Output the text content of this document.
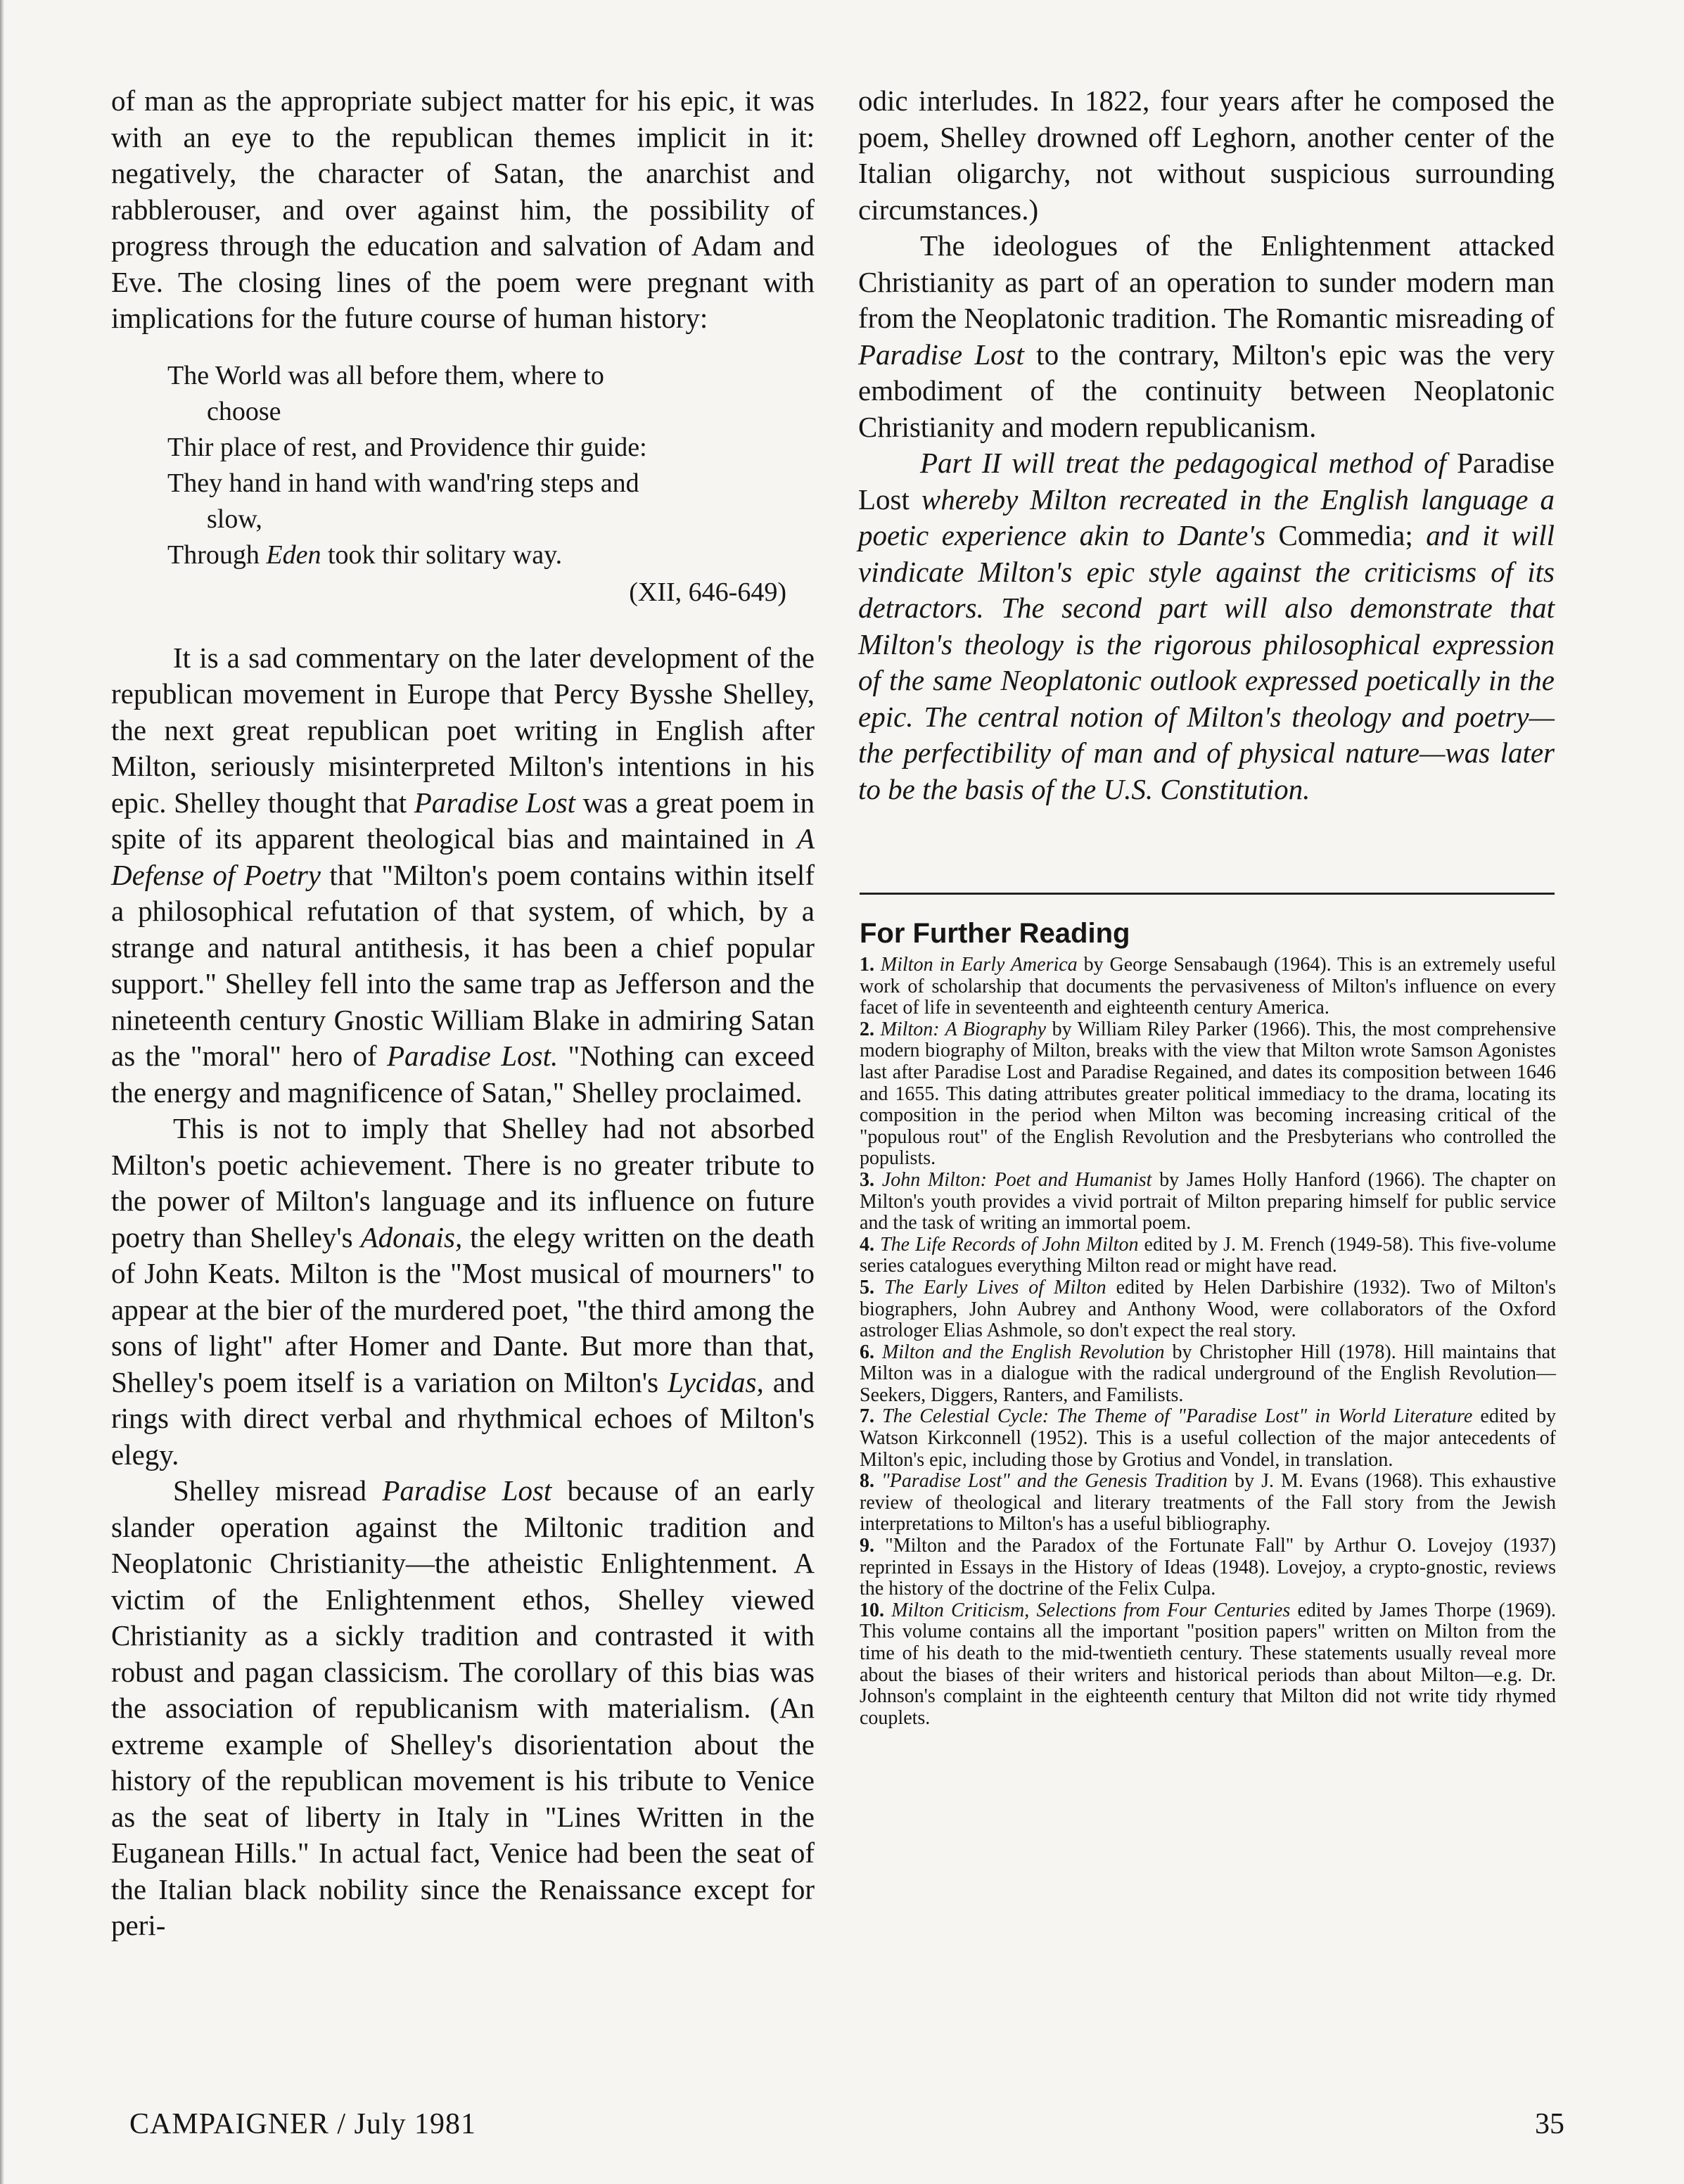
of man as the appropriate subject matter for his epic, it was with an eye to the republican themes implicit in it: negatively, the character of Satan, the anarchist and rabblerouser, and over against him, the possibility of progress through the education and salvation of Adam and Eve. The closing lines of the poem were pregnant with implications for the future course of human history:

The World was all before them, where to
choose
Thir place of rest, and Providence thir guide:
They hand in hand with wand'ring steps and
slow,
Through Eden took thir solitary way.
(XII, 646-649)

It is a sad commentary on the later development of the republican movement in Europe that Percy Bysshe Shelley, the next great republican poet writing in English after Milton, seriously misinterpreted Milton's intentions in his epic. Shelley thought that Paradise Lost was a great poem in spite of its apparent theological bias and maintained in A Defense of Poetry that "Milton's poem contains within itself a philosophical refutation of that system, of which, by a strange and natural antithesis, it has been a chief popular support." Shelley fell into the same trap as Jefferson and the nineteenth century Gnostic William Blake in admiring Satan as the "moral" hero of Paradise Lost. "Nothing can exceed the energy and magnificence of Satan," Shelley proclaimed.

This is not to imply that Shelley had not absorbed Milton's poetic achievement. There is no greater tribute to the power of Milton's language and its influence on future poetry than Shelley's Adonais, the elegy written on the death of John Keats. Milton is the "Most musical of mourners" to appear at the bier of the murdered poet, "the third among the sons of light" after Homer and Dante. But more than that, Shelley's poem itself is a variation on Milton's Lycidas, and rings with direct verbal and rhythmical echoes of Milton's elegy.

Shelley misread Paradise Lost because of an early slander operation against the Miltonic tradition and Neoplatonic Christianity—the atheistic Enlightenment. A victim of the Enlightenment ethos, Shelley viewed Christianity as a sickly tradition and contrasted it with robust and pagan classicism. The corollary of this bias was the association of republicanism with materialism. (An extreme example of Shelley's disorientation about the history of the republican movement is his tribute to Venice as the seat of liberty in Italy in "Lines Written in the Euganean Hills." In actual fact, Venice had been the seat of the Italian black nobility since the Renaissance except for peri-

odic interludes. In 1822, four years after he composed the poem, Shelley drowned off Leghorn, another center of the Italian oligarchy, not without suspicious surrounding circumstances.)

The ideologues of the Enlightenment attacked Christianity as part of an operation to sunder modern man from the Neoplatonic tradition. The Romantic misreading of Paradise Lost to the contrary, Milton's epic was the very embodiment of the continuity between Neoplatonic Christianity and modern republicanism.

Part II will treat the pedagogical method of Paradise Lost whereby Milton recreated in the English language a poetic experience akin to Dante's Commedia; and it will vindicate Milton's epic style against the criticisms of its detractors. The second part will also demonstrate that Milton's theology is the rigorous philosophical expression of the same Neoplatonic outlook expressed poetically in the epic. The central notion of Milton's theology and poetry—the perfectibility of man and of physical nature—was later to be the basis of the U.S. Constitution.

For Further Reading
1. Milton in Early America by George Sensabaugh (1964). This is an extremely useful work of scholarship that documents the pervasiveness of Milton's influence on every facet of life in seventeenth and eighteenth century America.
2. Milton: A Biography by William Riley Parker (1966). This, the most comprehensive modern biography of Milton, breaks with the view that Milton wrote Samson Agonistes last after Paradise Lost and Paradise Regained, and dates its composition between 1646 and 1655. This dating attributes greater political immediacy to the drama, locating its composition in the period when Milton was becoming increasing critical of the "populous rout" of the English Revolution and the Presbyterians who controlled the populists.
3. John Milton: Poet and Humanist by James Holly Hanford (1966). The chapter on Milton's youth provides a vivid portrait of Milton preparing himself for public service and the task of writing an immortal poem.
4. The Life Records of John Milton edited by J. M. French (1949-58). This five-volume series catalogues everything Milton read or might have read.
5. The Early Lives of Milton edited by Helen Darbishire (1932). Two of Milton's biographers, John Aubrey and Anthony Wood, were collaborators of the Oxford astrologer Elias Ashmole, so don't expect the real story.
6. Milton and the English Revolution by Christopher Hill (1978). Hill maintains that Milton was in a dialogue with the radical underground of the English Revolution—Seekers, Diggers, Ranters, and Familists.
7. The Celestial Cycle: The Theme of "Paradise Lost" in World Literature edited by Watson Kirkconnell (1952). This is a useful collection of the major antecedents of Milton's epic, including those by Grotius and Vondel, in translation.
8. "Paradise Lost" and the Genesis Tradition by J. M. Evans (1968). This exhaustive review of theological and literary treatments of the Fall story from the Jewish interpretations to Milton's has a useful bibliography.
9. "Milton and the Paradox of the Fortunate Fall" by Arthur O. Lovejoy (1937) reprinted in Essays in the History of Ideas (1948). Lovejoy, a crypto-gnostic, reviews the history of the doctrine of the Felix Culpa.
10. Milton Criticism, Selections from Four Centuries edited by James Thorpe (1969). This volume contains all the important "position papers" written on Milton from the time of his death to the mid-twentieth century. These statements usually reveal more about the biases of their writers and historical periods than about Milton—e.g. Dr. Johnson's complaint in the eighteenth century that Milton did not write tidy rhymed couplets.
CAMPAIGNER / July 1981	35
